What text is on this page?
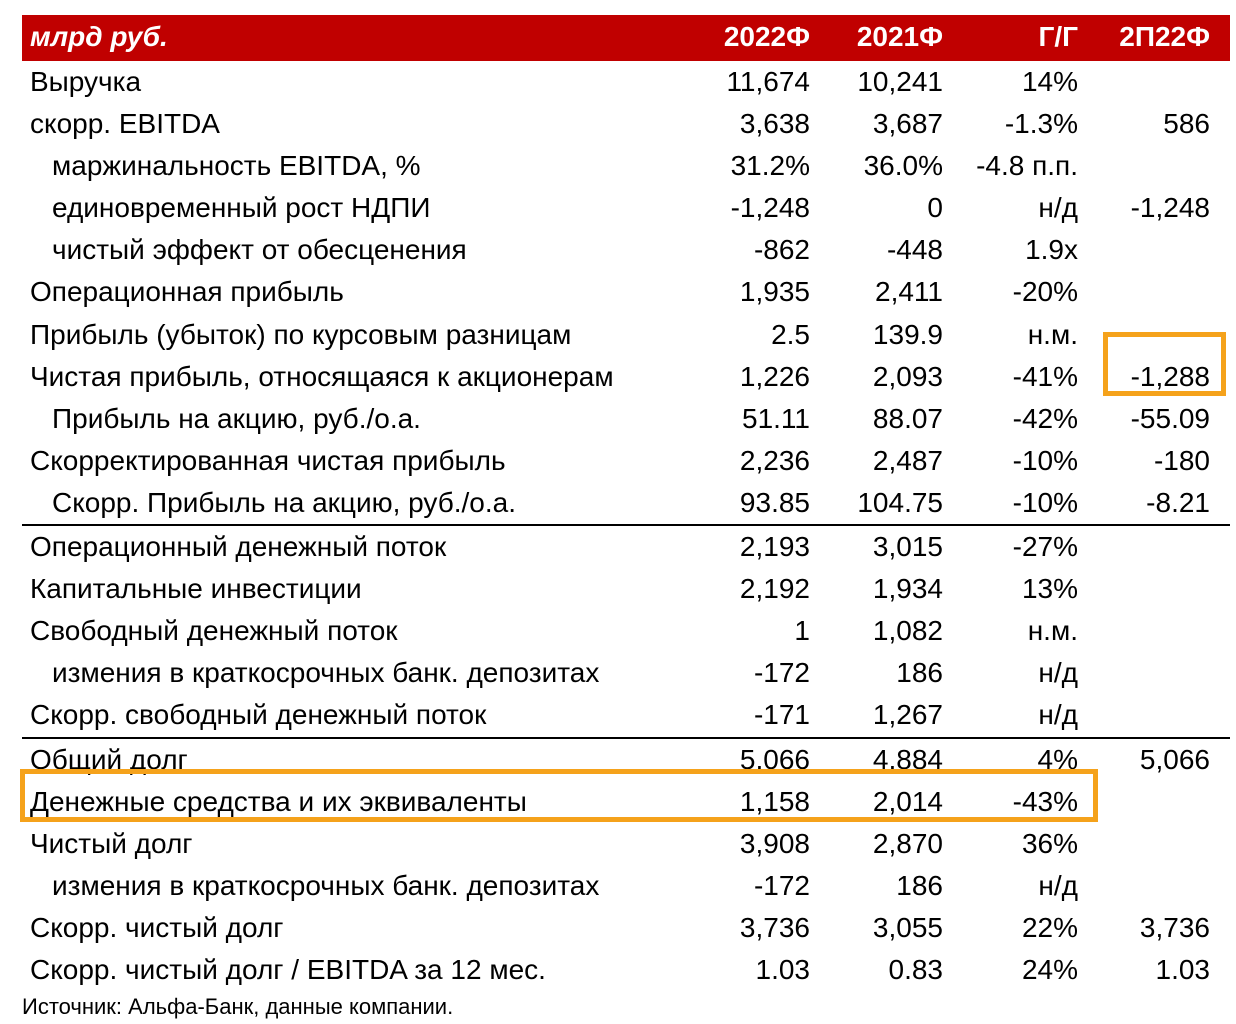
млрд руб.	2022Ф 2021Ф	Г/Г 2П22Ф
Выручка	11,674 10,241	14%
скорр. EBITDA	3,638 3,687 -1.3%	586
маржинальность EBITDA, %	31.2% 36.0% -4.8 п.п.
единовременный рост НДПИ	-1,248	0	н/д -1,248
чистый эффект от обесценения	-862	-448	1.9x
Операционная прибыль	1,935 2,411 -20%
Прибыль (убыток) по курсовым разницам	2.5 139.9	н.м.
Чистая прибыль, относящаяся к акционерам	1,226 2,093 -41% -1,288
Прибыль на акцию, руб./о.а.	51.11 88.07 -42% -55.09
Скорректированная чистая прибыль	2,236 2,487 -10%	-180
Скорр. Прибыль на акцию, руб./о.а.	93.85 104.75 -10% -8.21
Операционный денежный поток	2,193 3,015 -27%
Капитальные инвестиции	2,192 1,934	13%
Свободный денежный поток	1 1,082	н.м.
измения в краткосрочных банк. депозитах	-172	186	н/д
Скорр. свободный денежный поток	-171 1,267	н/д
Общий долг	5,066 4,884	4% 5,066
Денежные средства и их эквиваленты	1,158 2,014 -43%
Чистый долг	3,908 2,870	36%
измения в краткосрочных банк. депозитах	-172	186	н/д
Скорр. чистый долг	3,736 3,055	22% 3,736
Скорр. чистый долг / EBITDA за 12 мес.	1.03	0.83	24%	1.03
Источник: Альфа-Банк, данные компании.
